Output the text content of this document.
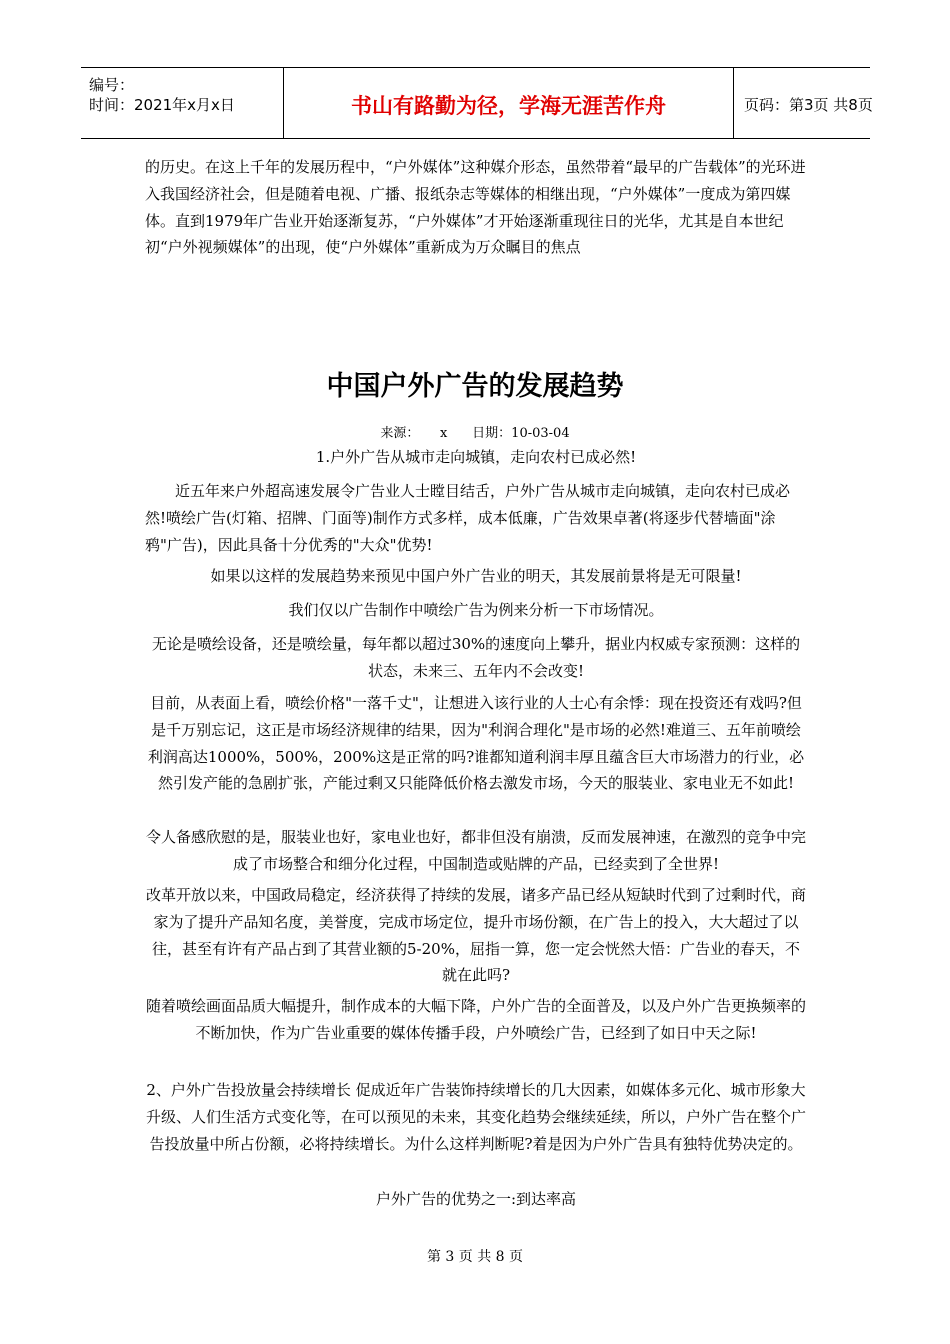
编号：
时间：2021年x月x日	书山有路勤为径，学海无涯苦作舟	页码：第3页 共8页

的历史。在这上千年的发展历程中，“户外媒体”这种媒介形态，虽然带着“最早的广告载体”的光环进入我国经济社会，但是随着电视、广播、报纸杂志等媒体的相继出现，“户外媒体”一度成为第四媒体。直到1979年广告业开始逐渐复苏，“户外媒体”才开始逐渐重现往日的光华，尤其是自本世纪初“户外视频媒体”的出现，使“户外媒体”重新成为万众瞩目的焦点

中国户外广告的发展趋势
来源：     x      日期：10-03-04

1.户外广告从城市走向城镇，走向农村已成必然!

近五年来户外超高速发展令广告业人士瞠目结舌，户外广告从城市走向城镇，走向农村已成必然!喷绘广告(灯箱、招牌、门面等)制作方式多样，成本低廉，广告效果卓著(将逐步代替墙面"涂鸦"广告)，因此具备十分优秀的"大众"优势!

如果以这样的发展趋势来预见中国户外广告业的明天，其发展前景将是无可限量!

我们仅以广告制作中喷绘广告为例来分析一下市场情况。

无论是喷绘设备，还是喷绘量，每年都以超过30%的速度向上攀升，据业内权威专家预测：这样的状态，未来三、五年内不会改变!

目前，从表面上看，喷绘价格"一落千丈"，让想进入该行业的人士心有余悸：现在投资还有戏吗?但是千万别忘记，这正是市场经济规律的结果，因为"利润合理化"是市场的必然!难道三、五年前喷绘利润高达1000%，500%，200%这是正常的吗?谁都知道利润丰厚且蕴含巨大市场潜力的行业，必然引发产能的急剧扩张，产能过剩又只能降低价格去激发市场，今天的服装业、家电业无不如此!

令人备感欣慰的是，服装业也好，家电业也好，都非但没有崩溃，反而发展神速，在激烈的竞争中完成了市场整合和细分化过程，中国制造或贴牌的产品，已经卖到了全世界!

改革开放以来，中国政局稳定，经济获得了持续的发展，诸多产品已经从短缺时代到了过剩时代，商家为了提升产品知名度，美誉度，完成市场定位，提升市场份额，在广告上的投入，大大超过了以往，甚至有许有产品占到了其营业额的5-20%，屈指一算，您一定会恍然大悟：广告业的春天，不就在此吗?

随着喷绘画面品质大幅提升，制作成本的大幅下降，户外广告的全面普及，以及户外广告更换频率的不断加快，作为广告业重要的媒体传播手段，户外喷绘广告，已经到了如日中天之际!

2、户外广告投放量会持续增长 促成近年广告装饰持续增长的几大因素，如媒体多元化、城市形象大升级、人们生活方式变化等，在可以预见的未来，其变化趋势会继续延续，所以，户外广告在整个广告投放量中所占份额，必将持续增长。为什么这样判断呢?着是因为户外广告具有独特优势决定的。

户外广告的优势之一:到达率高

第 3 页 共 8 页
